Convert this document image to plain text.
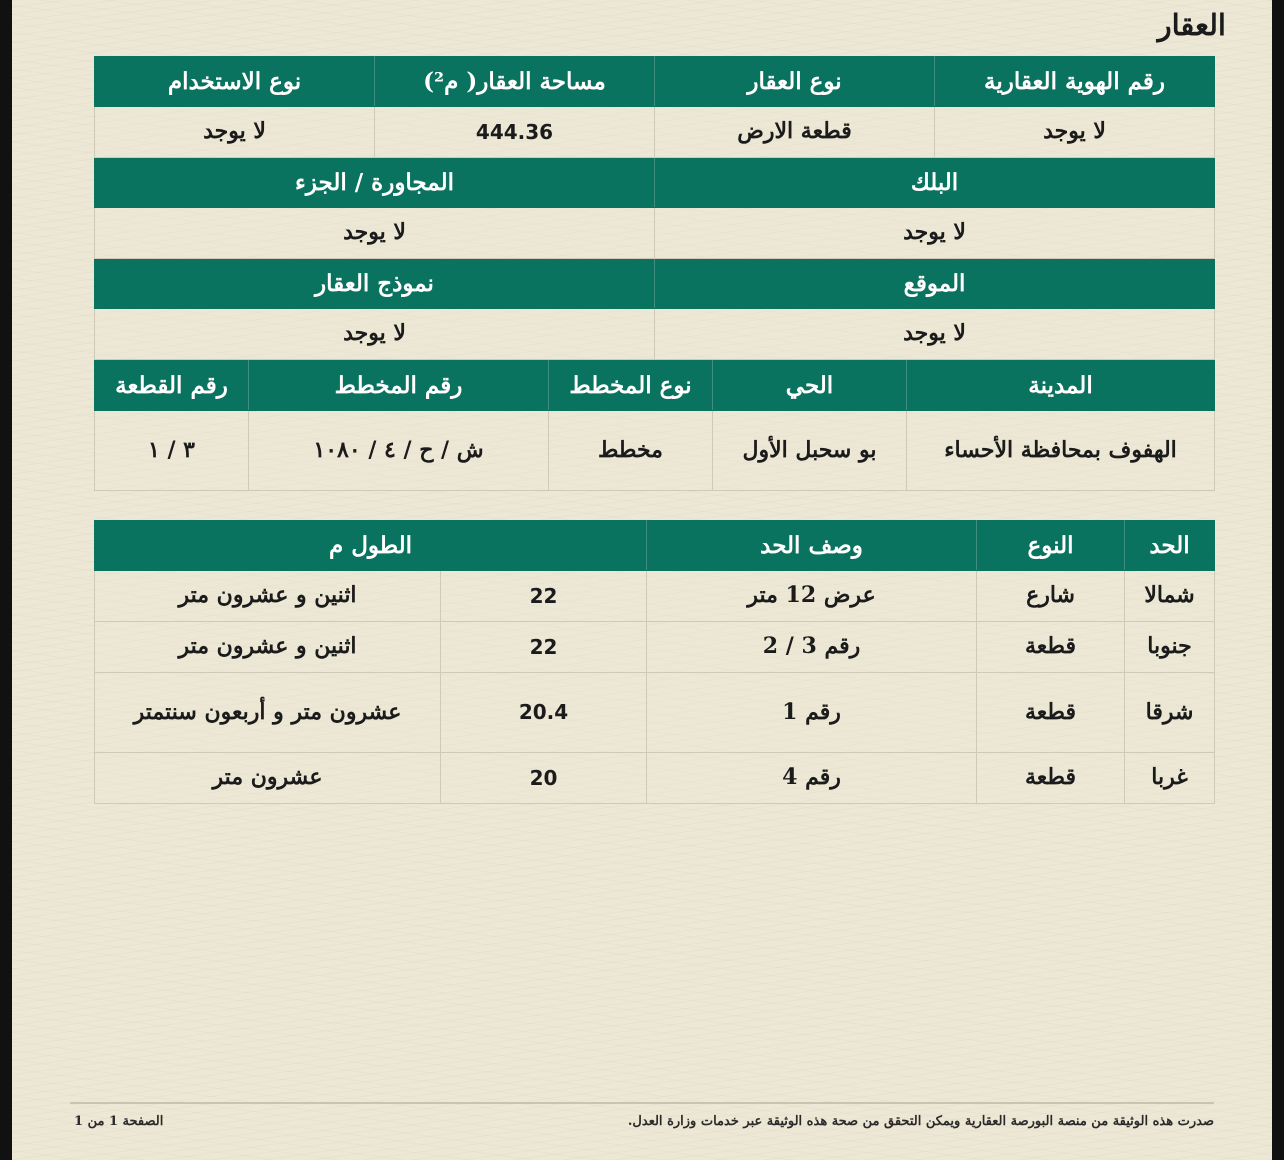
العقار
رقم الهوية العقارية	نوع العقار	مساحة العقار( م²)	نوع الاستخدام
لا يوجد	قطعة الارض	444.36	لا يوجد
البلك		المجاورة / الجزء	
لا يوجد		لا يوجد	
الموقع		نموذج العقار	
لا يوجد		لا يوجد	
المدينة	الحي	نوع المخطط	رقم المخطط	رقم القطعة
الهفوف بمحافظة الأحساء	بو سحبل الأول	مخطط	ش / ح / ٤ / ١٠٨٠	٣ / ١
الحد	النوع	وصف الحد	الطول م	
شمالا	شارع	عرض 12 متر	22	اثنين و عشرون متر
جنوبا	قطعة	رقم 3 / 2	22	اثنين و عشرون متر
شرقا	قطعة	رقم 1	20.4	عشرون متر و أربعون سنتمتر
غربا	قطعة	رقم 4	20	عشرون متر
صدرت هذه الوثيقة من منصة البورصة العقارية ويمكن التحقق من صحة هذه الوثيقة عبر خدمات وزارة العدل.
الصفحة 1 من 1
